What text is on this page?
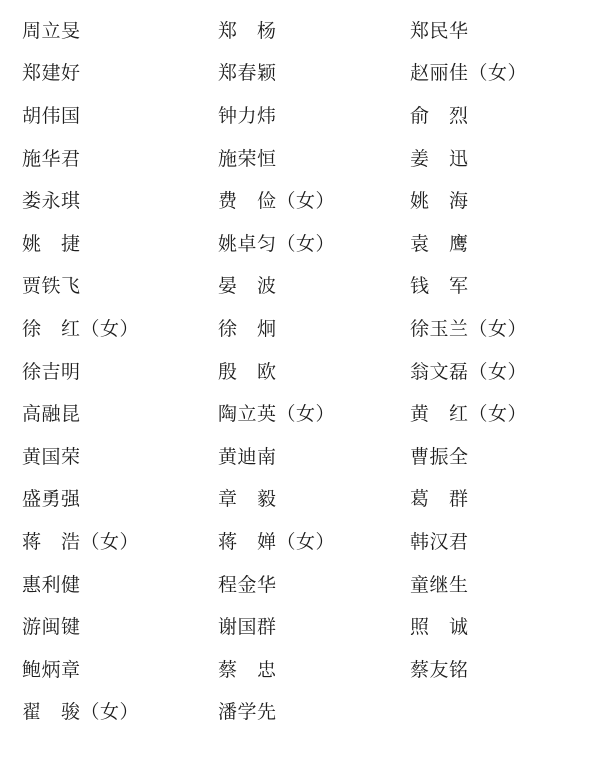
周立旻	郑　杨	郑民华
郑建好	郑春颖	赵丽佳（女）
胡伟国	钟力炜	俞　烈
施华君	施荣恒	姜　迅
娄永琪	费　俭（女）	姚　海
姚　捷	姚卓匀（女）	袁　鹰
贾铁飞	晏　波	钱　军
徐　红（女）	徐　炯	徐玉兰（女）
徐吉明	殷　欧	翁文磊（女）
高融昆	陶立英（女）	黄　红（女）
黄国荣	黄迪南	曹振全
盛勇强	章　毅	葛　群
蒋　浩（女）	蒋　婵（女）	韩汉君
惠利健	程金华	童继生
游闽键	谢国群	照　诚
鲍炳章	蔡　忠	蔡友铭
翟　骏（女）	潘学先
